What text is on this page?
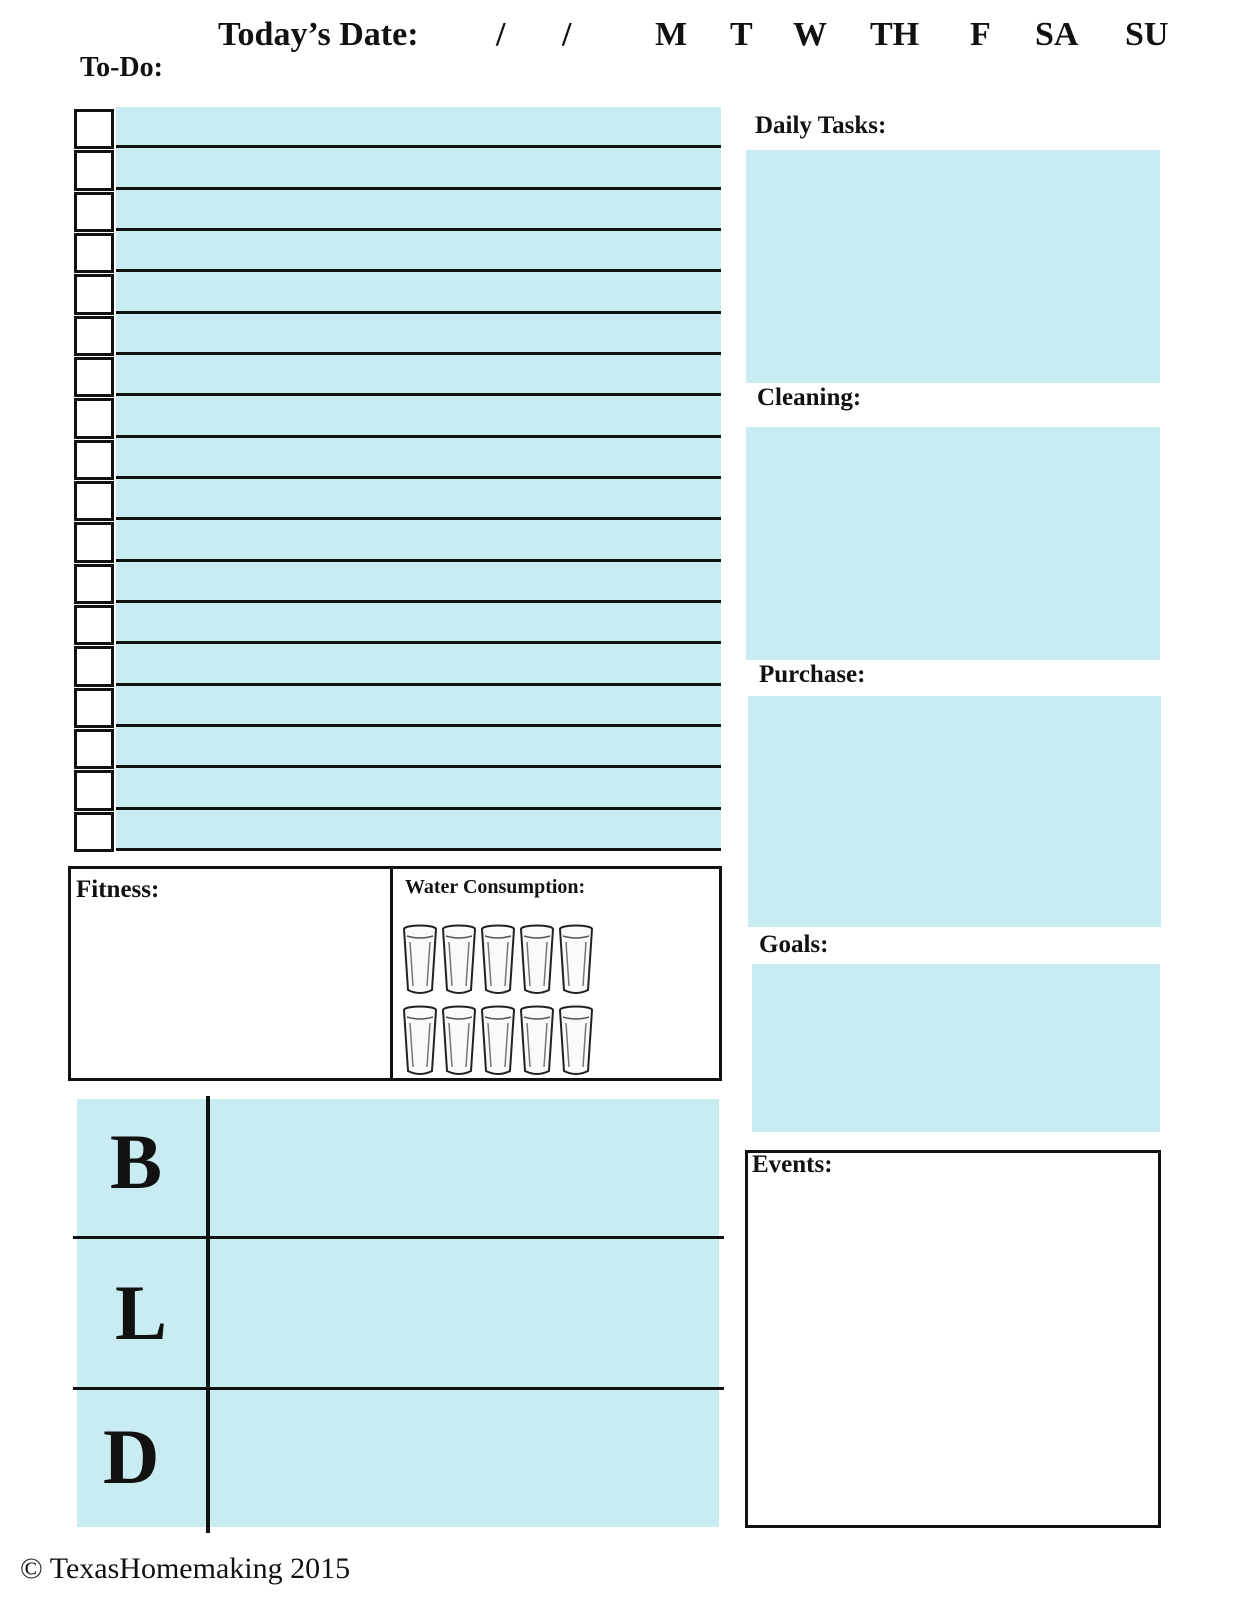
Today’s Date: / / M T W TH F SA SU
To-Do:
Daily Tasks:
Cleaning:
Purchase:
Goals:
Events:
Fitness:	Water Consumption:
B
L
D
© TexasHomemaking 2015
